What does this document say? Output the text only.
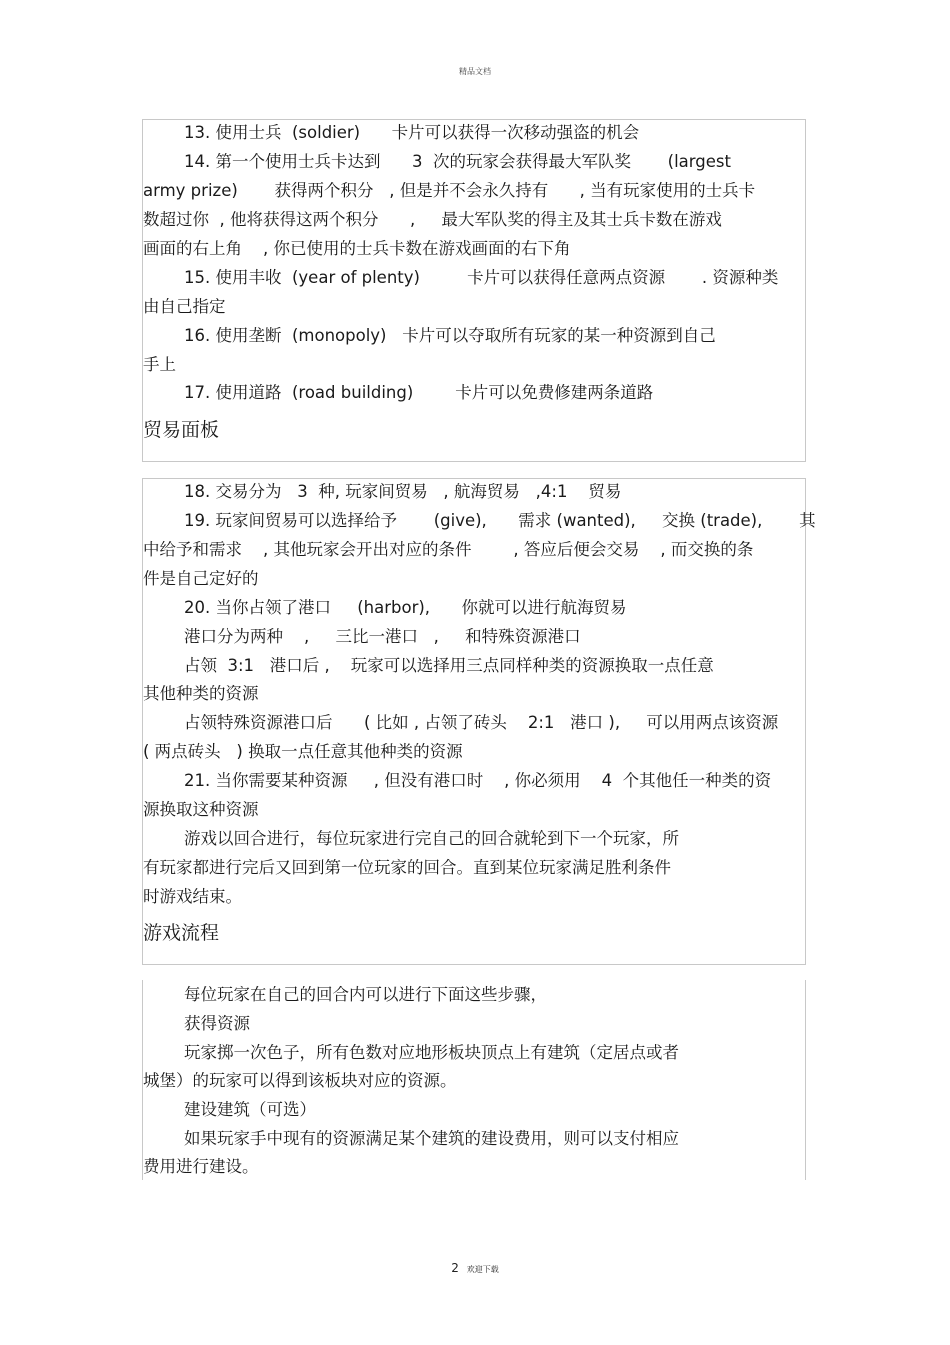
精品文档
13. 使用士兵  (soldier)      卡片可以获得一次移动强盗的机会
14. 第一个使用士兵卡达到      3  次的玩家会获得最大军队奖       (largest
army prize)       获得两个积分   , 但是并不会永久持有      , 当有玩家使用的士兵卡
数超过你  , 他将获得这两个积分      ,     最大军队奖的得主及其士兵卡数在游戏
画面的右上角    , 你已使用的士兵卡数在游戏画面的右下角
15. 使用丰收  (year of plenty)         卡片可以获得任意两点资源       . 资源种类
由自己指定
16. 使用垄断  (monopoly)   卡片可以夺取所有玩家的某一种资源到自己
手上
17. 使用道路  (road building)        卡片可以免费修建两条道路
贸易面板
18. 交易分为   3  种, 玩家间贸易   , 航海贸易   ,4:1    贸易
19. 玩家间贸易可以选择给予       (give),      需求 (wanted),     交换 (trade),       其
中给予和需求    , 其他玩家会开出对应的条件        , 答应后便会交易    , 而交换的条
件是自己定好的
20. 当你占领了港口     (harbor),      你就可以进行航海贸易
港口分为两种    ,     三比一港口   ,     和特殊资源港口
占领  3:1   港口后 ,    玩家可以选择用三点同样种类的资源换取一点任意
其他种类的资源
占领特殊资源港口后      ( 比如 , 占领了砖头    2:1   港口 ),     可以用两点该资源
( 两点砖头   ) 换取一点任意其他种类的资源
21. 当你需要某种资源     , 但没有港口时    , 你必须用    4  个其他任一种类的资
源换取这种资源
游戏以回合进行，每位玩家进行完自己的回合就轮到下一个玩家，所
有玩家都进行完后又回到第一位玩家的回合。直到某位玩家满足胜利条件
时游戏结束。
游戏流程
每位玩家在自己的回合内可以进行下面这些步骤，
获得资源
玩家掷一次色子，所有色数对应地形板块顶点上有建筑（定居点或者
城堡）的玩家可以得到该板块对应的资源。
建设建筑（可选）
如果玩家手中现有的资源满足某个建筑的建设费用，则可以支付相应
费用进行建设。
2 欢迎下载
